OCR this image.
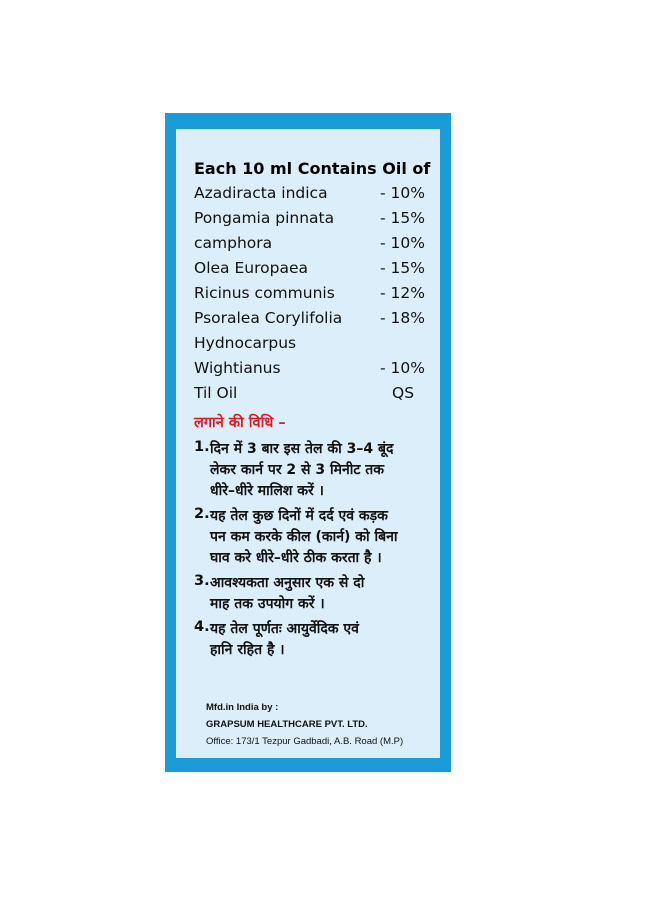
Each 10 ml Contains Oil of
Azadiracta indica	- 10%
Pongamia pinnata	- 15%
camphora	- 10%
Olea Europaea	- 15%
Ricinus communis	- 12%
Psoralea Corylifolia - 18%
Hydnocarpus
Wightianus	- 10%
Til Oil	QS
लगाने की विधि –
1. दिन में 3 बार इस तेल की 3–4 बूंद
लेकर कार्न पर 2 से 3 मिनीट तक
धीरे–धीरे मालिश करें ।
2. यह तेल कुछ दिनों में दर्द एवं कड़क
पन कम करके कील (कार्न) को बिना
घाव करे धीरे–धीरे ठीक करता है ।
3. आवश्यकता अनुसार एक से दो
माह तक उपयोग करें ।
4. यह तेल पूर्णतः आयुर्वेदिक एवं
हानि रहित है ।
Mfd.in India by :
GRAPSUM HEALTHCARE PVT. LTD.
Office: 173/1 Tezpur Gadbadi, A.B. Road (M.P)
